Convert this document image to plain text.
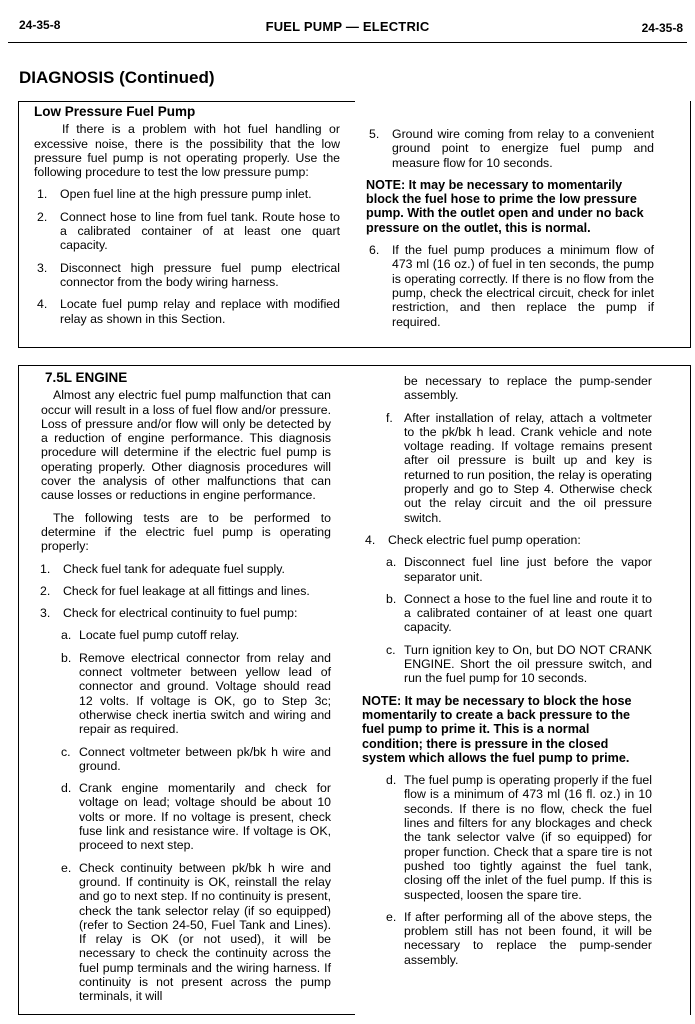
24-35-8	FUEL PUMP — ELECTRIC	24-35-8
DIAGNOSIS (Continued)
Low Pressure Fuel Pump

If there is a problem with hot fuel handling or excessive noise, there is the possibility that the low pressure fuel pump is not operating properly. Use the following procedure to test the low pressure pump:

1.	Open fuel line at the high pressure pump inlet.
2.	Connect hose to line from fuel tank. Route hose to a calibrated container of at least one quart capacity.
3.	Disconnect high pressure fuel pump electrical connector from the body wiring harness.
4.	Locate fuel pump relay and replace with modified relay as shown in this Section.
5.	Ground wire coming from relay to a convenient ground point to energize fuel pump and measure flow for 10 seconds.
NOTE: It may be necessary to momentarily block the fuel hose to prime the low pressure pump. With the outlet open and under no back pressure on the outlet, this is normal.
6.	If the fuel pump produces a minimum flow of 473 ml (16 oz.) of fuel in ten seconds, the pump is operating correctly. If there is no flow from the pump, check the electrical circuit, check for inlet restriction, and then replace the pump if required.
7.5L ENGINE

Almost any electric fuel pump malfunction that can occur will result in a loss of fuel flow and/or pressure. Loss of pressure and/or flow will only be detected by a reduction of engine performance. This diagnosis procedure will determine if the electric fuel pump is operating properly. Other diagnosis procedures will cover the analysis of other malfunctions that can cause losses or reductions in engine performance.

The following tests are to be performed to determine if the electric fuel pump is operating properly:

1.	Check fuel tank for adequate fuel supply.
2.	Check for fuel leakage at all fittings and lines.
3.	Check for electrical continuity to fuel pump:
a. Locate fuel pump cutoff relay.
b. Remove electrical connector from relay and connect voltmeter between yellow lead of connector and ground. Voltage should read 12 volts. If voltage is OK, go to Step 3c; otherwise check inertia switch and wiring and repair as required.
c. Connect voltmeter between pk/bk h wire and ground.
d. Crank engine momentarily and check for voltage on lead; voltage should be about 10 volts or more. If no voltage is present, check fuse link and resistance wire. If voltage is OK, proceed to next step.
e. Check continuity between pk/bk h wire and ground. If continuity is OK, reinstall the relay and go to next step. If no continuity is present, check the tank selector relay (if so equipped) (refer to Section 24-50, Fuel Tank and Lines). If relay is OK (or not used), it will be necessary to check the continuity across the fuel pump terminals and the wiring harness. If continuity is not present across the pump terminals, it will
be necessary to replace the pump-sender assembly.
f. After installation of relay, attach a voltmeter to the pk/bk h lead. Crank vehicle and note voltage reading. If voltage remains present after oil pressure is built up and key is returned to run position, the relay is operating properly and go to Step 4. Otherwise check out the relay circuit and the oil pressure switch.
4.	Check electric fuel pump operation:
a. Disconnect fuel line just before the vapor separator unit.
b. Connect a hose to the fuel line and route it to a calibrated container of at least one quart capacity.
c. Turn ignition key to On, but DO NOT CRANK ENGINE. Short the oil pressure switch, and run the fuel pump for 10 seconds.
NOTE: It may be necessary to block the hose momentarily to create a back pressure to the fuel pump to prime it. This is a normal condition; there is pressure in the closed system which allows the fuel pump to prime.
d. The fuel pump is operating properly if the fuel flow is a minimum of 473 ml (16 fl. oz.) in 10 seconds. If there is no flow, check the fuel lines and filters for any blockages and check the tank selector valve (if so equipped) for proper function. Check that a spare tire is not pushed too tightly against the fuel tank, closing off the inlet of the fuel pump. If this is suspected, loosen the spare tire.
e. If after performing all of the above steps, the problem still has not been found, it will be necessary to replace the pump-sender assembly.
